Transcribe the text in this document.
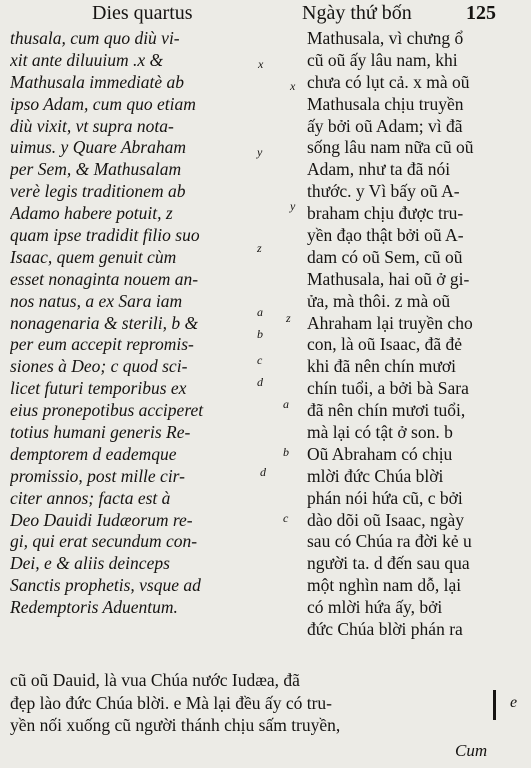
Dies quartus	Ngày thứ bốn	125
thusala, cum quo diù vi-
xit ante diluuium .x &
Mathusala immediatè ab
ipso Adam, cum quo etiam
diù vixit, vt supra nota-
uimus. y Quare Abraham
per Sem, & Mathusalam
verè legis traditionem ab
Adamo habere potuit, z
quam ipse tradidit filio suo
Isaac, quem genuit cùm
esset nonaginta nouem an-
nos natus, a ex Sara iam
nonagenaria & sterili, b &
per eum accepit repromis-
siones à Deo; c quod sci-
licet futuri temporibus ex
eius pronepotibus acciperet
totius humani generis Re-
demptorem d eademque
promissio, post mille cir-
citer annos; facta est à
Deo Dauidi Iudæorum re-
gi, qui erat secundum con-
Dei, e & aliis deinceps
Sanctis prophetis, vsque ad
Redemptoris Aduentum.
x
x
y
y
z
z
a
a
b
b
c
c
d
d
Mathusala, vì chưng ổ
cũ oũ ấy lâu nam, khi
chưa có lụt cả. x mà oũ
Mathusala chịu truyền
ấy bởi oũ Adam; vì đã
sống lâu nam nữa cũ oũ
Adam, như ta đã nói
thước. y Vì bấy oũ A-
braham chịu được tru-
yền đạo thật bởi oũ A-
dam có oũ Sem, cũ oũ
Mathusala, hai oũ ở gi-
ửa, mà thôi. z mà oũ
Ahraham lại truyền cho
con, là oũ Isaac, đã đẻ
khi đã nên chín mươi
chín tuổi, a bởi bà Sara
đã nên chín mươi tuổi,
mà lại có tật ở son. b
Oũ Abraham có chịu
mlời đức Chúa blời
phán nói hứa cũ, c bởi
dào dõi oũ Isaac, ngày
sau có Chúa ra đời kẻ u
người ta. d đến sau qua
một nghìn nam dỗ, lại
có mlời hứa ấy, bởi
đức Chúa blời phán ra
cũ oũ Dauid, là vua Chúa nước Iudæa, đã
đẹp lào đức Chúa blời. e Mà lại đều ấy có tru-
yền nối xuống cũ người thánh chịu sấm truyền,
e
Cum
